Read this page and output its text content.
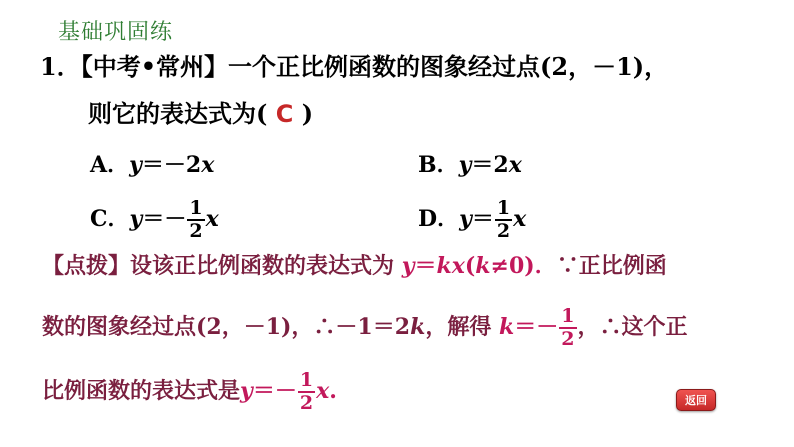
基础巩固练
1．【中考•常州】一个正比例函数的图象经过点(2，－1)，
则它的表达式为( C )
A．y＝－2x	B．y＝2x
C．$y=- \frac{1}{2}$ x	D．$y= \frac{1}{2}$ x
【点拨】设该正比例函数的表达式为 y＝kx(k≠0)．∵正比例函
数的图象经过点(2，－1)，∴－1＝2k，解得 $k=- \frac{1}{2}$ ，∴这个正
比例函数的表达式是$y=- \frac{1}{2} x$.	返回
